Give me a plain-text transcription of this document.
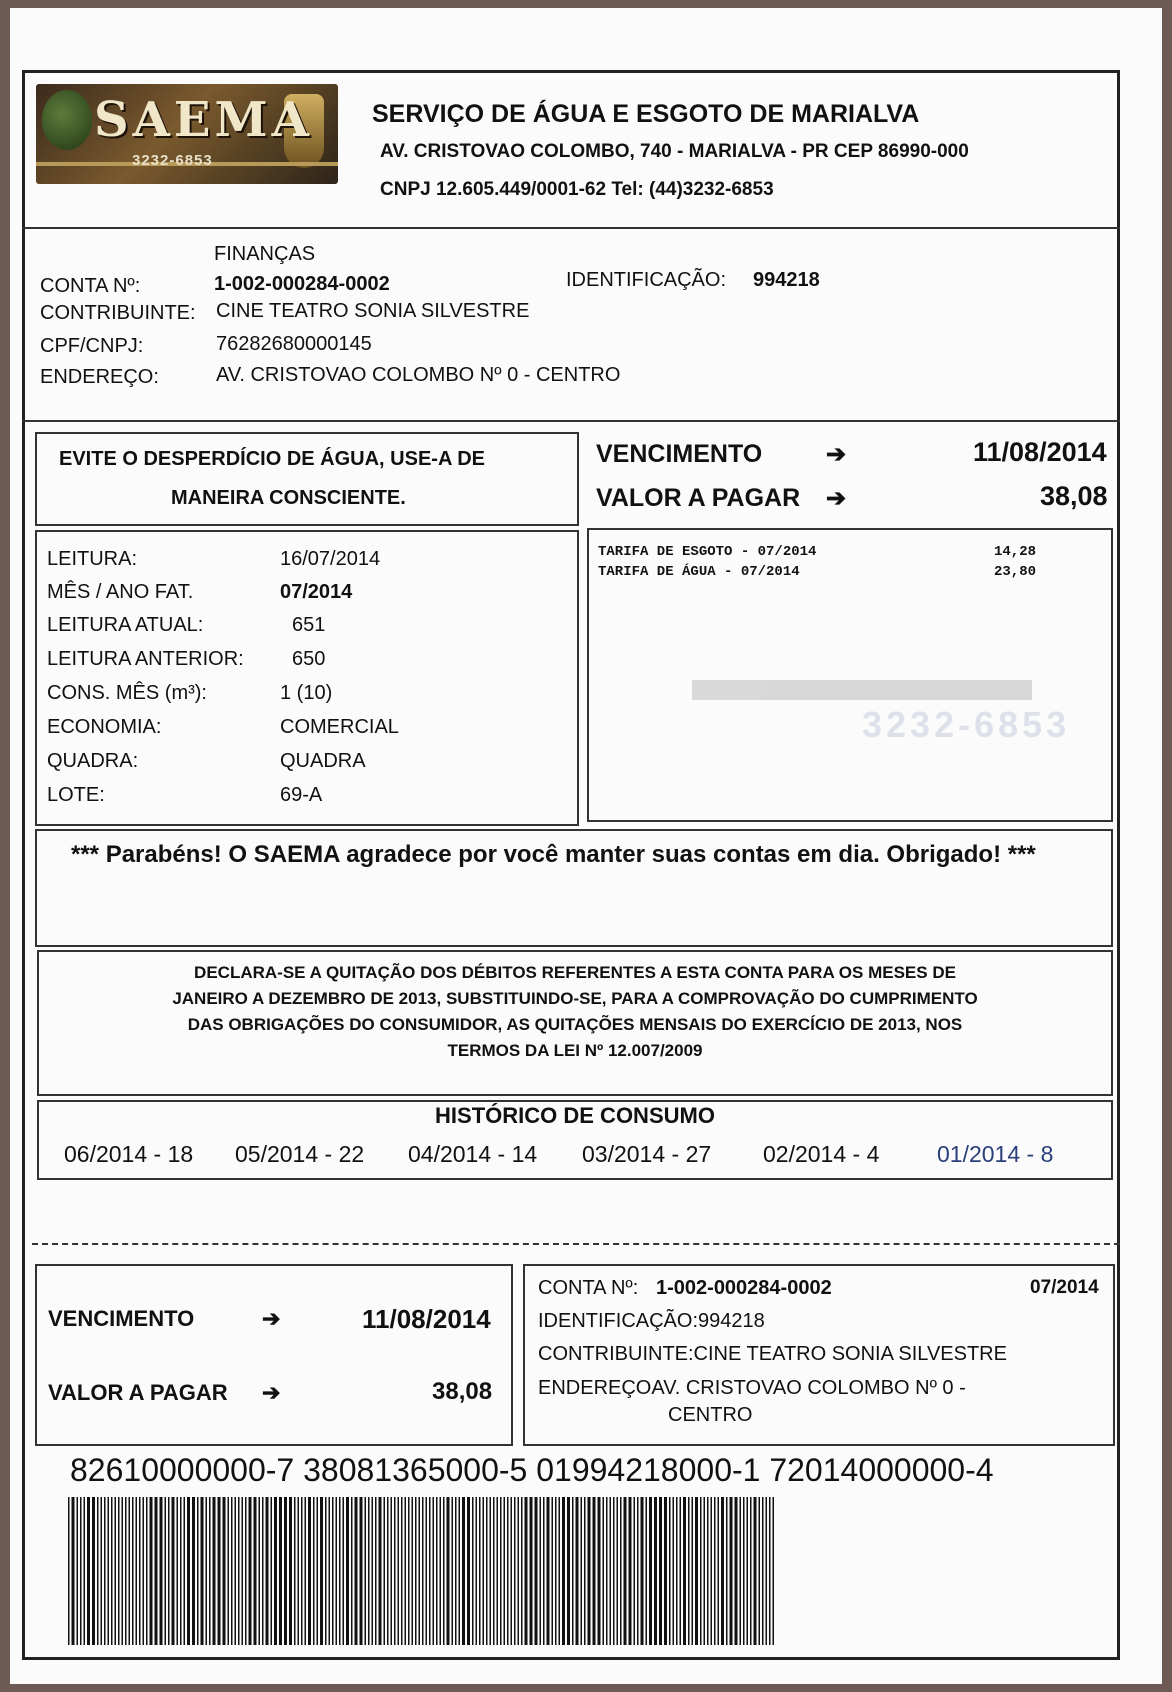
SAEMA
3232-6853
SERVIÇO DE ÁGUA E ESGOTO DE MARIALVA
AV. CRISTOVAO COLOMBO, 740 - MARIALVA - PR CEP 86990-000
CNPJ 12.605.449/0001-62 Tel: (44)3232-6853
FINANÇAS
CONTA Nº:	1-002-000284-0002	IDENTIFICAÇÃO: 994218
CONTRIBUINTE: CINE TEATRO SONIA SILVESTRE
CPF/CNPJ:	76282680000145
ENDEREÇO:	AV. CRISTOVAO COLOMBO Nº 0 - CENTRO
EVITE O DESPERDÍCIO DE ÁGUA, USE-A DE
MANEIRA CONSCIENTE.
VENCIMENTO	➔	11/08/2014
VALOR A PAGAR ➔	38,08
LEITURA:	16/07/2014
MÊS / ANO FAT.	07/2014
LEITURA ATUAL:	651
LEITURA ANTERIOR: 650
CONS. MÊS (m³):	1 (10)
ECONOMIA:	COMERCIAL
QUADRA:	QUADRA
LOTE:	69-A
3232-6853
TARIFA DE ESGOTO - 07/2014	14,28
TARIFA DE ÁGUA - 07/2014	23,80
*** Parabéns! O SAEMA agradece por você manter suas contas em dia. Obrigado! ***
DECLARA-SE A QUITAÇÃO DOS DÉBITOS REFERENTES A ESTA CONTA PARA OS MESES DE
JANEIRO A DEZEMBRO DE 2013, SUBSTITUINDO-SE, PARA A COMPROVAÇÃO DO CUMPRIMENTO
DAS OBRIGAÇÕES DO CONSUMIDOR, AS QUITAÇÕES MENSAIS DO EXERCÍCIO DE 2013, NOS
TERMOS DA LEI Nº 12.007/2009
HISTÓRICO DE CONSUMO
06/2014 - 18 05/2014 - 22 04/2014 - 14 03/2014 - 27 02/2014 - 4	01/2014 - 8
VENCIMENTO	➔	11/08/2014
VALOR A PAGAR ➔	38,08
CONTA Nº: 1-002-000284-0002	07/2014
IDENTIFICAÇÃO:994218
CONTRIBUINTE:CINE TEATRO SONIA SILVESTRE
ENDEREÇOAV. CRISTOVAO COLOMBO Nº 0 -
CENTRO
82610000000-7 38081365000-5 01994218000-1 72014000000-4
